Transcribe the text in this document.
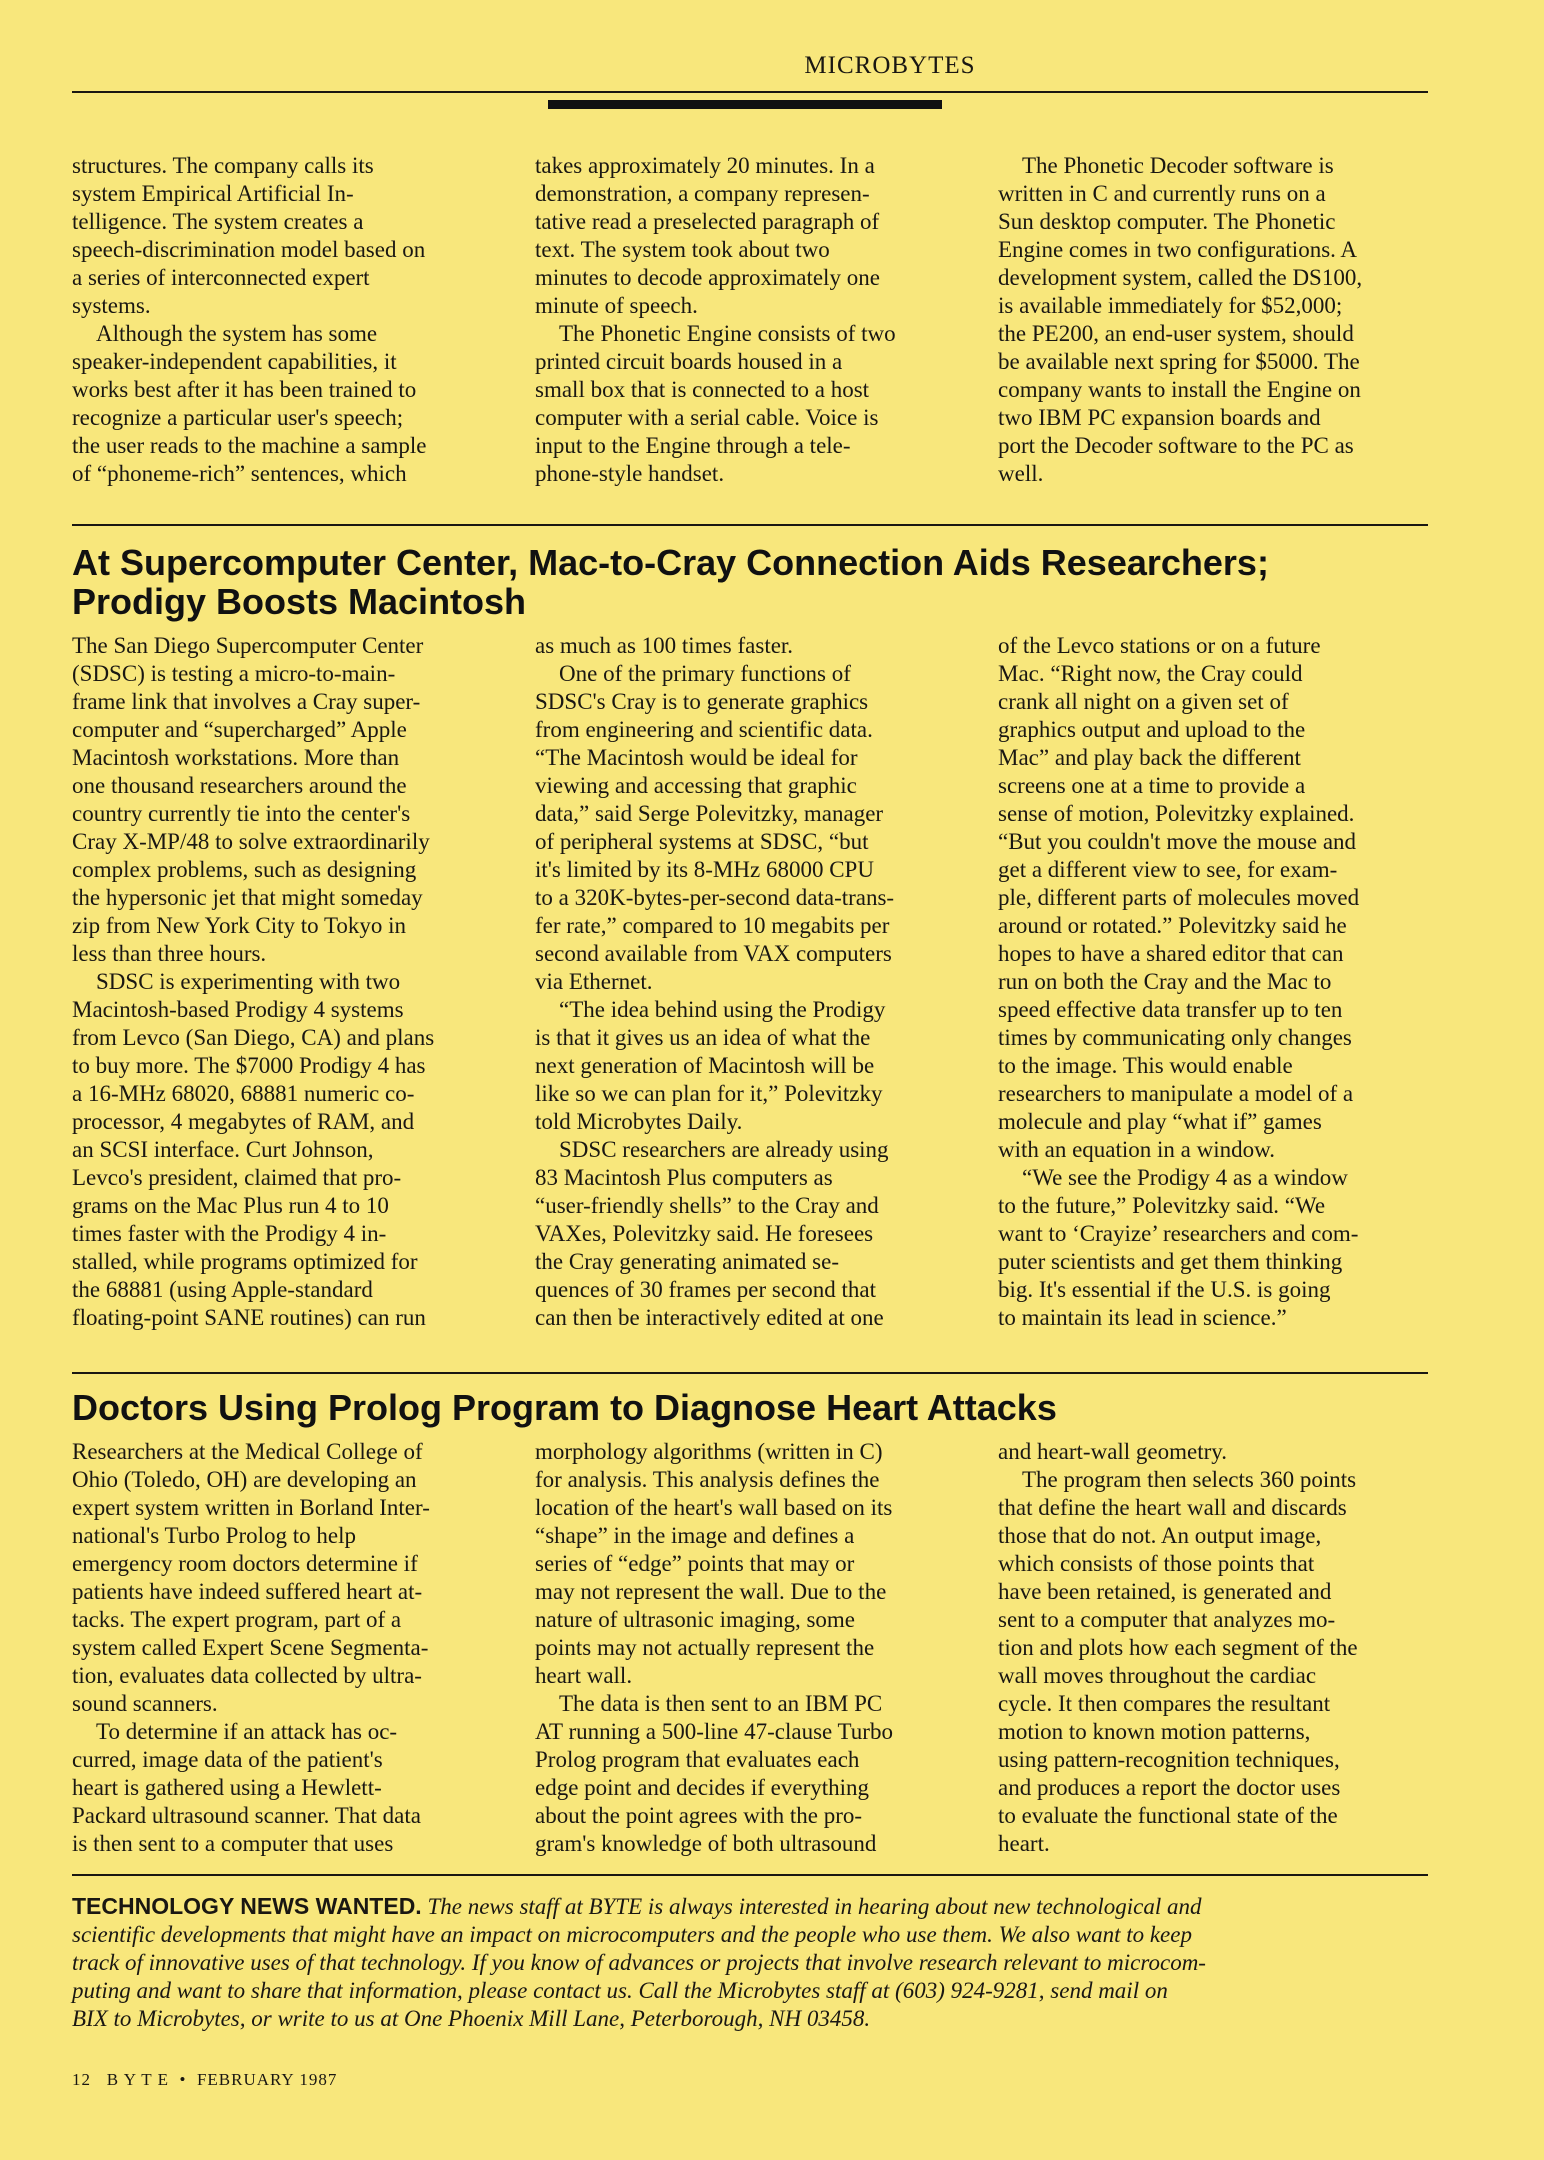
MICROBYTES
structures. The company calls its
system Empirical Artificial In-
telligence. The system creates a
speech-discrimination model based on
a series of interconnected expert
systems.
Although the system has some
speaker-independent capabilities, it
works best after it has been trained to
recognize a particular user's speech;
the user reads to the machine a sample
of “phoneme-rich” sentences, which
takes approximately 20 minutes. In a
demonstration, a company represen-
tative read a preselected paragraph of
text. The system took about two
minutes to decode approximately one
minute of speech.
The Phonetic Engine consists of two
printed circuit boards housed in a
small box that is connected to a host
computer with a serial cable. Voice is
input to the Engine through a tele-
phone-style handset.
The Phonetic Decoder software is
written in C and currently runs on a
Sun desktop computer. The Phonetic
Engine comes in two configurations. A
development system, called the DS100,
is available immediately for $52,000;
the PE200, an end-user system, should
be available next spring for $5000. The
company wants to install the Engine on
two IBM PC expansion boards and
port the Decoder software to the PC as
well.
At Supercomputer Center, Mac-to-Cray Connection Aids Researchers;
Prodigy Boosts Macintosh
The San Diego Supercomputer Center
(SDSC) is testing a micro-to-main-
frame link that involves a Cray super-
computer and “supercharged” Apple
Macintosh workstations. More than
one thousand researchers around the
country currently tie into the center's
Cray X-MP/48 to solve extraordinarily
complex problems, such as designing
the hypersonic jet that might someday
zip from New York City to Tokyo in
less than three hours.
SDSC is experimenting with two
Macintosh-based Prodigy 4 systems
from Levco (San Diego, CA) and plans
to buy more. The $7000 Prodigy 4 has
a 16-MHz 68020, 68881 numeric co-
processor, 4 megabytes of RAM, and
an SCSI interface. Curt Johnson,
Levco's president, claimed that pro-
grams on the Mac Plus run 4 to 10
times faster with the Prodigy 4 in-
stalled, while programs optimized for
the 68881 (using Apple-standard
floating-point SANE routines) can run
as much as 100 times faster.
One of the primary functions of
SDSC's Cray is to generate graphics
from engineering and scientific data.
“The Macintosh would be ideal for
viewing and accessing that graphic
data,” said Serge Polevitzky, manager
of peripheral systems at SDSC, “but
it's limited by its 8-MHz 68000 CPU
to a 320K-bytes-per-second data-trans-
fer rate,” compared to 10 megabits per
second available from VAX computers
via Ethernet.
“The idea behind using the Prodigy
is that it gives us an idea of what the
next generation of Macintosh will be
like so we can plan for it,” Polevitzky
told Microbytes Daily.
SDSC researchers are already using
83 Macintosh Plus computers as
“user-friendly shells” to the Cray and
VAXes, Polevitzky said. He foresees
the Cray generating animated se-
quences of 30 frames per second that
can then be interactively edited at one
of the Levco stations or on a future
Mac. “Right now, the Cray could
crank all night on a given set of
graphics output and upload to the
Mac” and play back the different
screens one at a time to provide a
sense of motion, Polevitzky explained.
“But you couldn't move the mouse and
get a different view to see, for exam-
ple, different parts of molecules moved
around or rotated.” Polevitzky said he
hopes to have a shared editor that can
run on both the Cray and the Mac to
speed effective data transfer up to ten
times by communicating only changes
to the image. This would enable
researchers to manipulate a model of a
molecule and play “what if” games
with an equation in a window.
“We see the Prodigy 4 as a window
to the future,” Polevitzky said. “We
want to ‘Crayize’ researchers and com-
puter scientists and get them thinking
big. It's essential if the U.S. is going
to maintain its lead in science.”
Doctors Using Prolog Program to Diagnose Heart Attacks
Researchers at the Medical College of
Ohio (Toledo, OH) are developing an
expert system written in Borland Inter-
national's Turbo Prolog to help
emergency room doctors determine if
patients have indeed suffered heart at-
tacks. The expert program, part of a
system called Expert Scene Segmenta-
tion, evaluates data collected by ultra-
sound scanners.
To determine if an attack has oc-
curred, image data of the patient's
heart is gathered using a Hewlett-
Packard ultrasound scanner. That data
is then sent to a computer that uses
morphology algorithms (written in C)
for analysis. This analysis defines the
location of the heart's wall based on its
“shape” in the image and defines a
series of “edge” points that may or
may not represent the wall. Due to the
nature of ultrasonic imaging, some
points may not actually represent the
heart wall.
The data is then sent to an IBM PC
AT running a 500-line 47-clause Turbo
Prolog program that evaluates each
edge point and decides if everything
about the point agrees with the pro-
gram's knowledge of both ultrasound
and heart-wall geometry.
The program then selects 360 points
that define the heart wall and discards
those that do not. An output image,
which consists of those points that
have been retained, is generated and
sent to a computer that analyzes mo-
tion and plots how each segment of the
wall moves throughout the cardiac
cycle. It then compares the resultant
motion to known motion patterns,
using pattern-recognition techniques,
and produces a report the doctor uses
to evaluate the functional state of the
heart.
TECHNOLOGY NEWS WANTED. The news staff at BYTE is always interested in hearing about new technological and
scientific developments that might have an impact on microcomputers and the people who use them. We also want to keep
track of innovative uses of that technology. If you know of advances or projects that involve research relevant to microcom-
puting and want to share that information, please contact us. Call the Microbytes staff at (603) 924-9281, send mail on
BIX to Microbytes, or write to us at One Phoenix Mill Lane, Peterborough, NH 03458.
12 B Y T E  •  FEBRUARY 1987
